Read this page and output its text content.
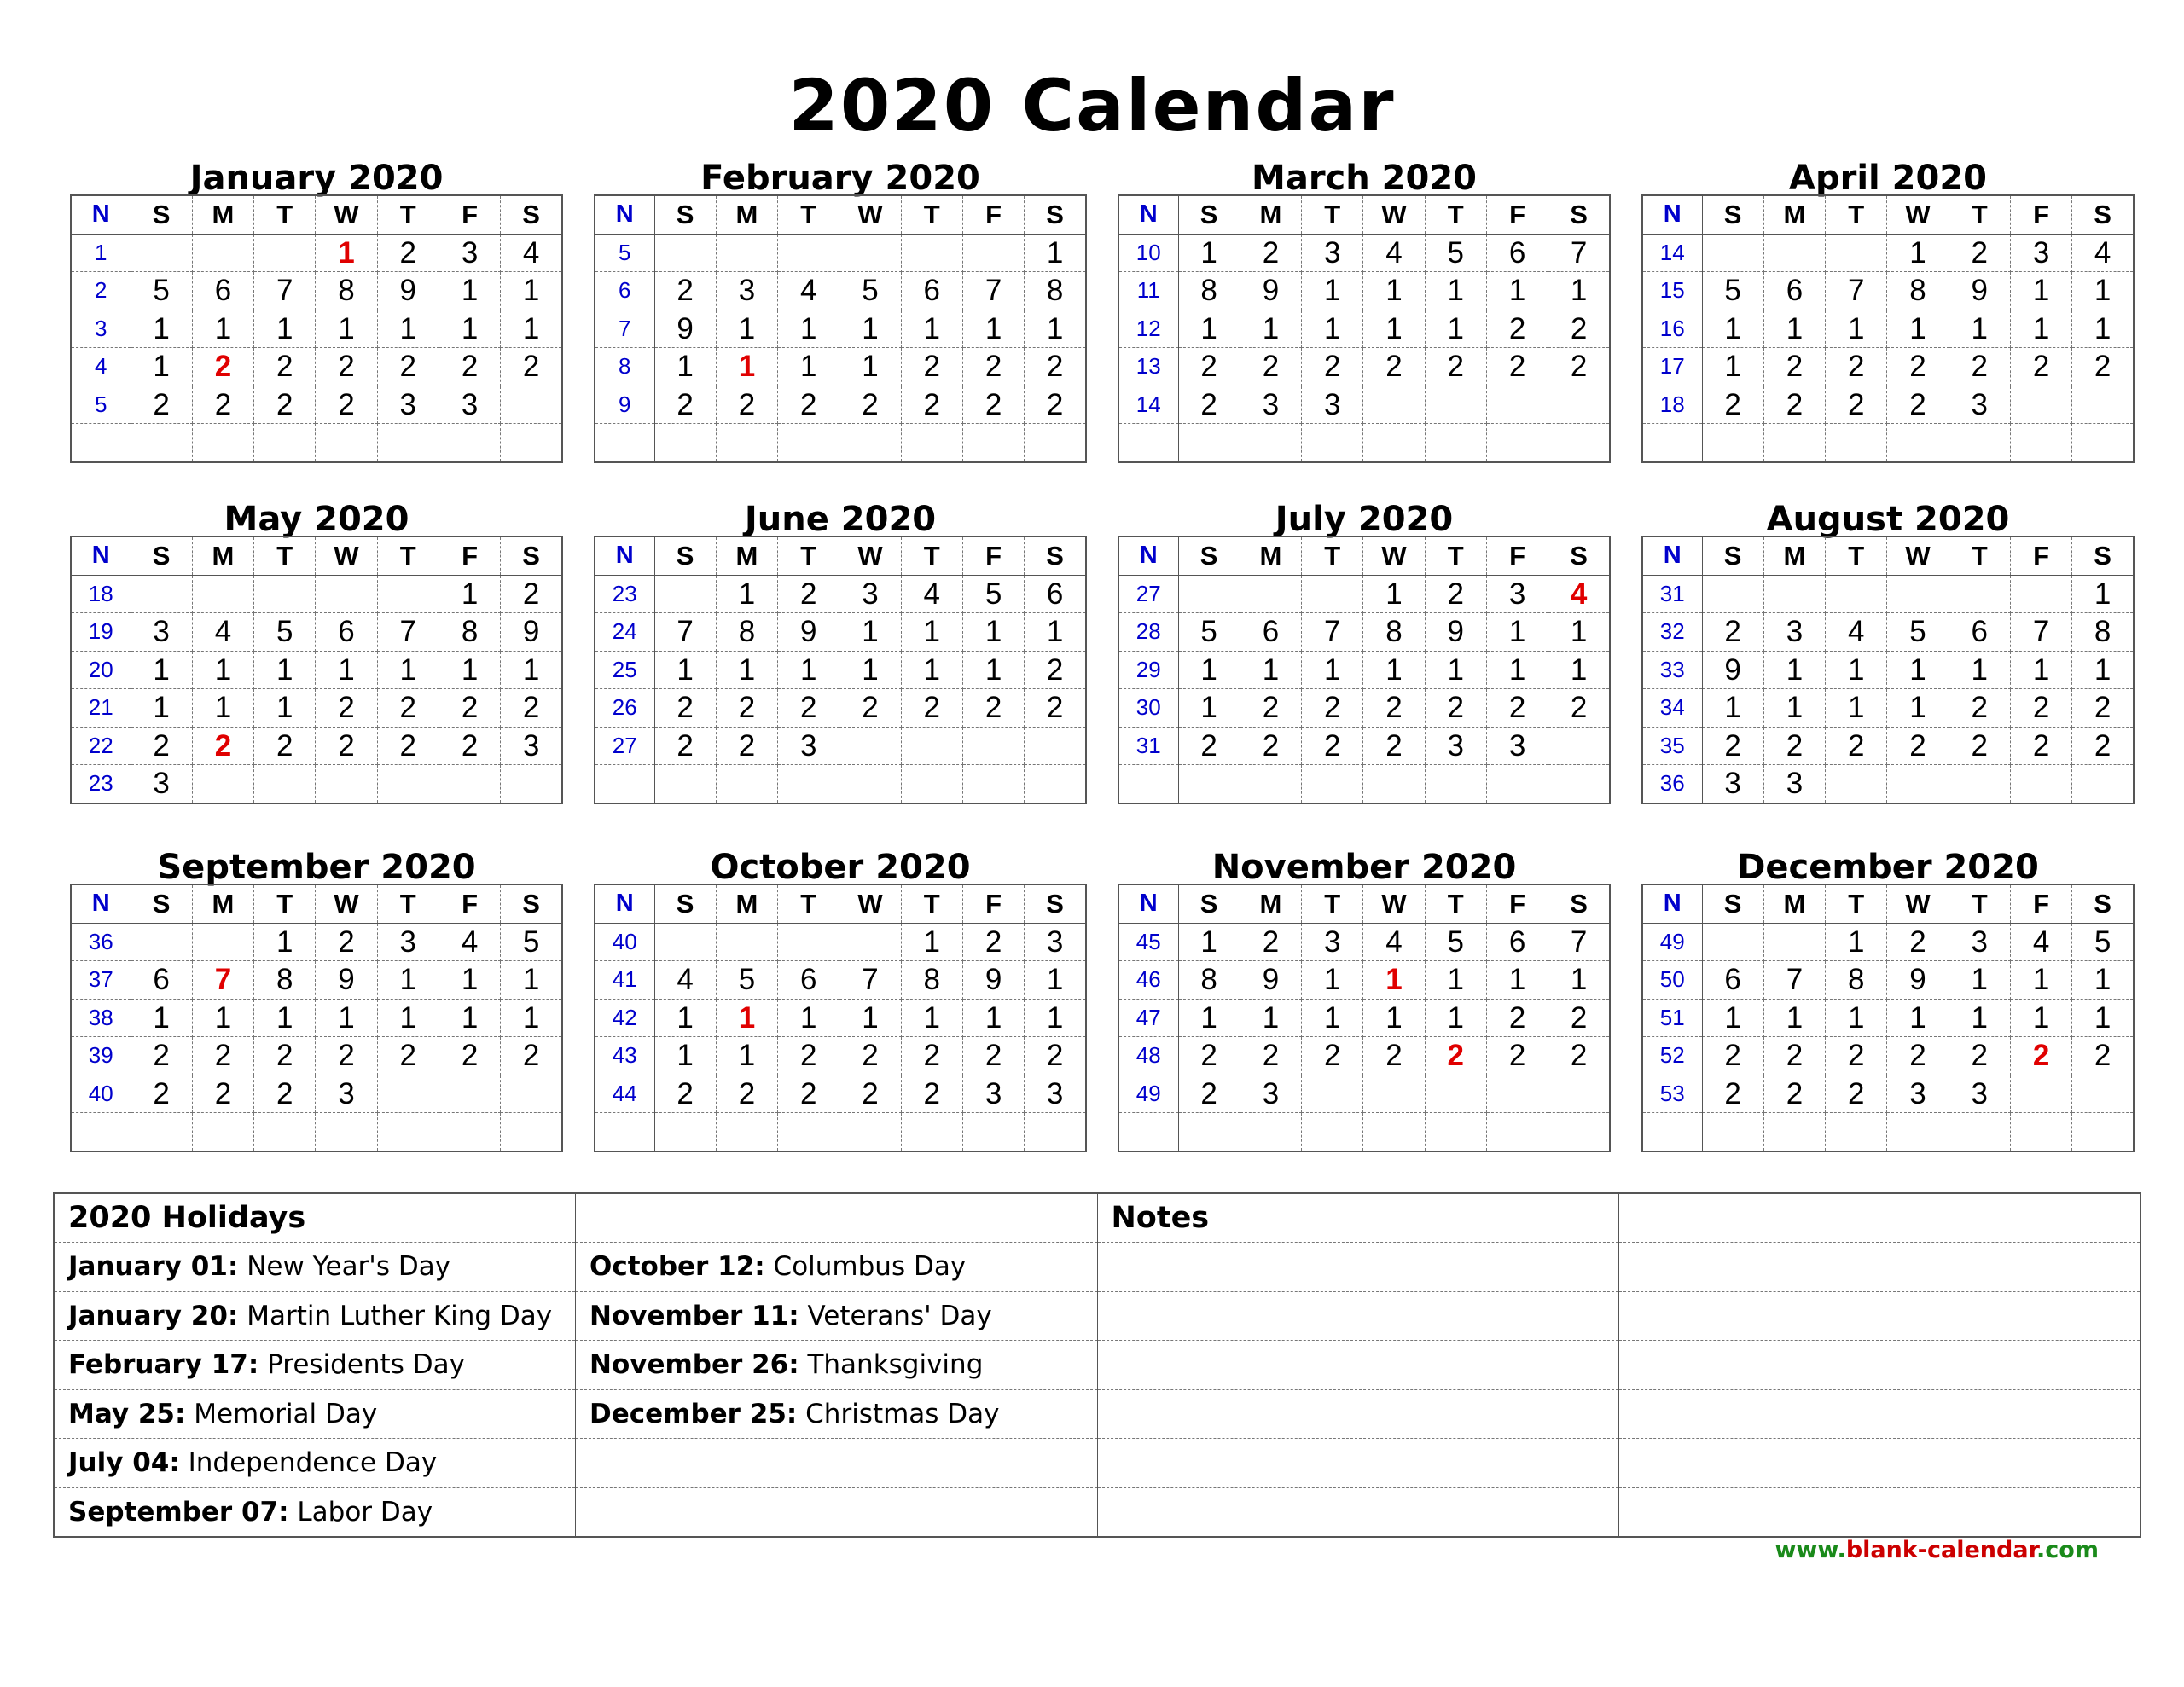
2020 Calendar
January 2020
N	S	M	T	W	T	F	S
1				1	2	3	4
2	5	6	7	8	9	1	1
3	1	1	1	1	1	1	1
4	1	2	2	2	2	2	2
5	2	2	2	2	3	3	

February 2020
N	S	M	T	W	T	F	S
5							1
6	2	3	4	5	6	7	8
7	9	1	1	1	1	1	1
8	1	1	1	1	2	2	2
9	2	2	2	2	2	2	2

March 2020
N	S	M	T	W	T	F	S
10	1	2	3	4	5	6	7
11	8	9	1	1	1	1	1
12	1	1	1	1	1	2	2
13	2	2	2	2	2	2	2
14	2	3	3				

April 2020
N	S	M	T	W	T	F	S
14				1	2	3	4
15	5	6	7	8	9	1	1
16	1	1	1	1	1	1	1
17	1	2	2	2	2	2	2
18	2	2	2	2	3		

May 2020
N	S	M	T	W	T	F	S
18						1	2
19	3	4	5	6	7	8	9
20	1	1	1	1	1	1	1
21	1	1	1	2	2	2	2
22	2	2	2	2	2	2	3
23	3						
June 2020
N	S	M	T	W	T	F	S
23		1	2	3	4	5	6
24	7	8	9	1	1	1	1
25	1	1	1	1	1	1	2
26	2	2	2	2	2	2	2
27	2	2	3				

July 2020
N	S	M	T	W	T	F	S
27				1	2	3	4
28	5	6	7	8	9	1	1
29	1	1	1	1	1	1	1
30	1	2	2	2	2	2	2
31	2	2	2	2	3	3	

August 2020
N	S	M	T	W	T	F	S
31							1
32	2	3	4	5	6	7	8
33	9	1	1	1	1	1	1
34	1	1	1	1	2	2	2
35	2	2	2	2	2	2	2
36	3	3					
September 2020
N	S	M	T	W	T	F	S
36			1	2	3	4	5
37	6	7	8	9	1	1	1
38	1	1	1	1	1	1	1
39	2	2	2	2	2	2	2
40	2	2	2	3			

October 2020
N	S	M	T	W	T	F	S
40					1	2	3
41	4	5	6	7	8	9	1
42	1	1	1	1	1	1	1
43	1	1	2	2	2	2	2
44	2	2	2	2	2	3	3

November 2020
N	S	M	T	W	T	F	S
45	1	2	3	4	5	6	7
46	8	9	1	1	1	1	1
47	1	1	1	1	1	2	2
48	2	2	2	2	2	2	2
49	2	3					

December 2020
N	S	M	T	W	T	F	S
49			1	2	3	4	5
50	6	7	8	9	1	1	1
51	1	1	1	1	1	1	1
52	2	2	2	2	2	2	2
53	2	2	2	3	3		

2020 Holidays		Notes	
January 01: New Year's Day	October 12: Columbus Day		
January 20: Martin Luther King Day	November 11: Veterans' Day		
February 17: Presidents Day	November 26: Thanksgiving		
May 25: Memorial Day	December 25: Christmas Day		
July 04: Independence Day			
September 07: Labor Day			
www.blank-calendar.com
